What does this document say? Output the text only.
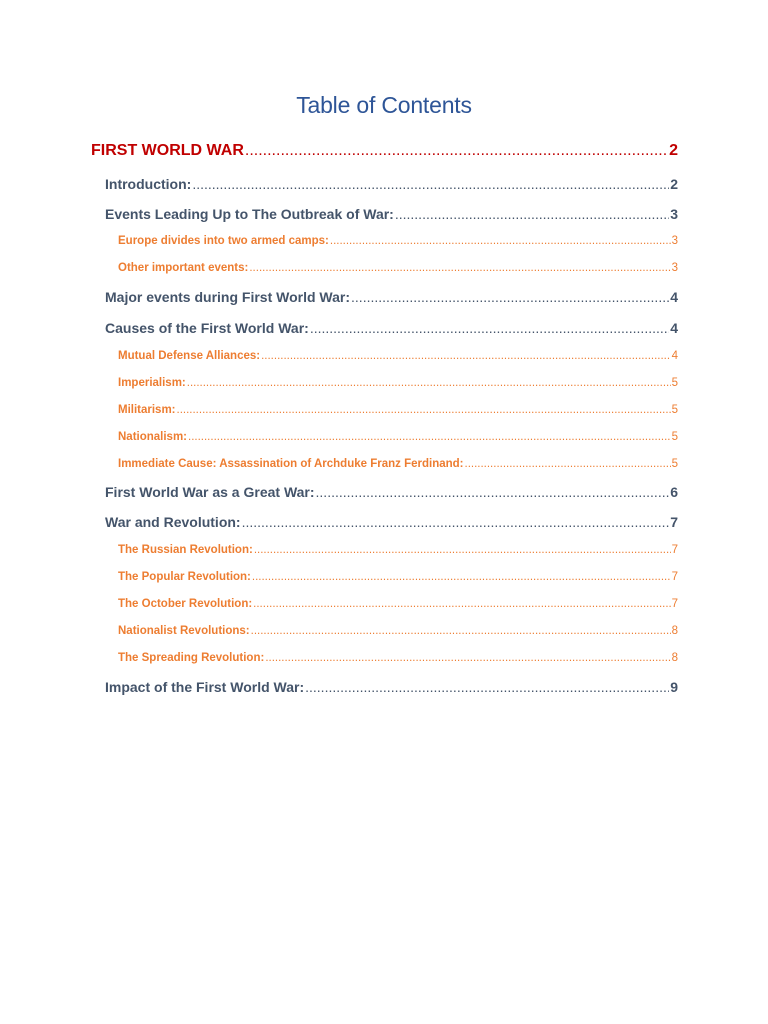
Table of Contents
FIRST WORLD WAR .....	2
Introduction: .....	2
Events Leading Up to The Outbreak of War: .....	3
Europe divides into two armed camps: .....	3
Other important events: .....	3
Major events during First World War: .....	4
Causes of the First World War: .....	4
Mutual Defense Alliances: .....	4
Imperialism: .....	5
Militarism: .....	5
Nationalism: .....	5
Immediate Cause: Assassination of Archduke Franz Ferdinand: .....	5
First World War as a Great War: .....	6
War and Revolution: .....	7
The Russian Revolution: .....	7
The Popular Revolution: .....	7
The October Revolution: .....	7
Nationalist Revolutions: .....	8
The Spreading Revolution: .....	8
Impact of the First World War: .....	9
